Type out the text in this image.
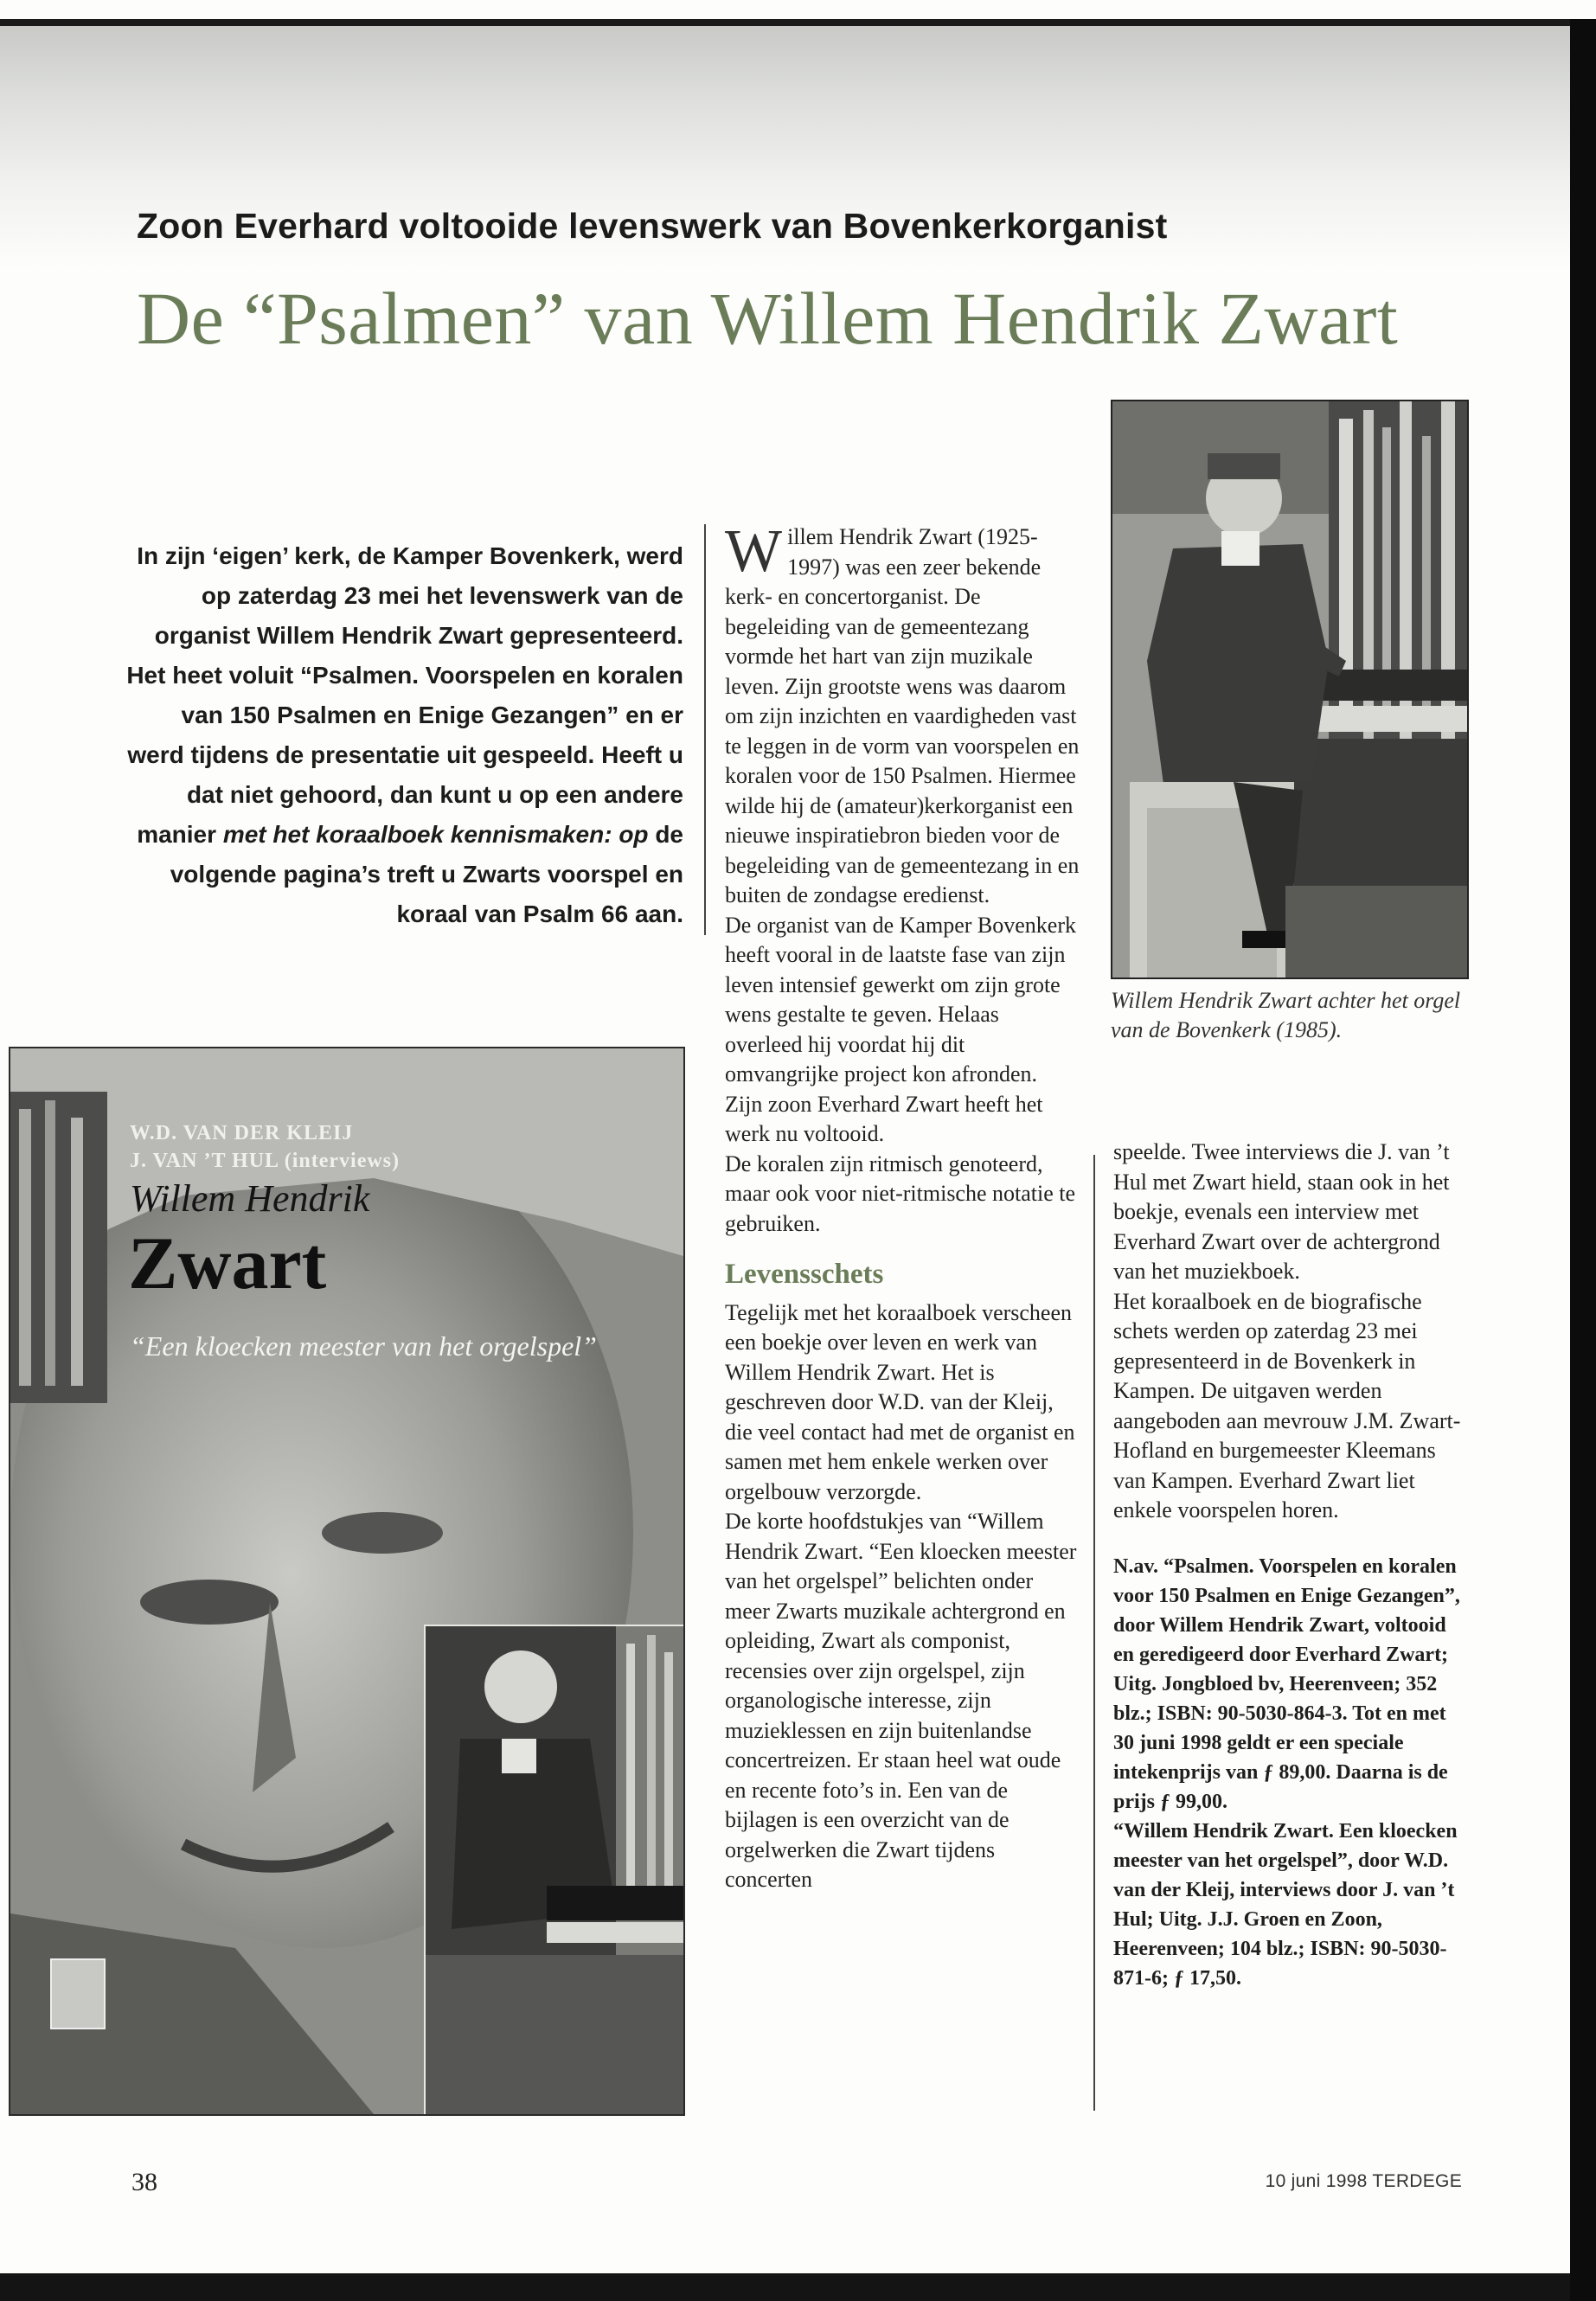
Zoon Everhard voltooide levenswerk van Bovenkerkorganist
De “Psalmen” van Willem Hendrik Zwart
In zijn ‘eigen’ kerk, de Kamper Bovenkerk, werd op zaterdag 23 mei het levenswerk van de organist Willem Hendrik Zwart gepresenteerd. Het heet voluit “Psalmen. Voorspelen en koralen van 150 Psalmen en Enige Gezangen” en er werd tijdens de presentatie uit gespeeld. Heeft u dat niet gehoord, dan kunt u op een andere manier met het koraalboek kennismaken: op de volgende pagina’s treft u Zwarts voorspel en koraal van Psalm 66 aan.

Willem Hendrik Zwart (1925-1997) was een zeer bekende kerk- en concertorganist. De begeleiding van de gemeentezang vormde het hart van zijn muzikale leven. Zijn grootste wens was daarom om zijn inzichten en vaardigheden vast te leggen in de vorm van voorspelen en koralen voor de 150 Psalmen. Hiermee wilde hij de (amateur)kerkorganist een nieuwe inspiratiebron bieden voor de begeleiding van de gemeentezang in en buiten de zondagse eredienst.

De organist van de Kamper Bovenkerk heeft vooral in de laatste fase van zijn leven intensief gewerkt om zijn grote wens gestalte te geven. Helaas overleed hij voordat hij dit omvangrijke project kon afronden. Zijn zoon Everhard Zwart heeft het werk nu voltooid.

De koralen zijn ritmisch genoteerd, maar ook voor niet-ritmische notatie te gebruiken.

Levensschets

Tegelijk met het koraalboek verscheen een boekje over leven en werk van Willem Hendrik Zwart. Het is geschreven door W.D. van der Kleij, die veel contact had met de organist en samen met hem enkele werken over orgelbouw verzorgde.

De korte hoofdstukjes van “Willem Hendrik Zwart. “Een kloecken meester van het orgelspel” belichten onder meer Zwarts muzikale achtergrond en opleiding, Zwart als componist, recensies over zijn orgelspel, zijn organologische interesse, zijn muzieklessen en zijn buitenlandse concertreizen. Er staan heel wat oude en recente foto’s in. Een van de bijlagen is een overzicht van de orgelwerken die Zwart tijdens concerten

Willem Hendrik Zwart achter het orgel van de Bovenkerk (1985).

speelde. Twee interviews die J. van ’t Hul met Zwart hield, staan ook in het boekje, evenals een interview met Everhard Zwart over de achtergrond van het muziekboek.

Het koraalboek en de biografische schets werden op zaterdag 23 mei gepresenteerd in de Bovenkerk in Kampen. De uitgaven werden aangeboden aan mevrouw J.M. Zwart-Hofland en burgemeester Kleemans van Kampen. Everhard Zwart liet enkele voorspelen horen.

N.av. “Psalmen. Voorspelen en koralen voor 150 Psalmen en Enige Gezangen”, door Willem Hendrik Zwart, voltooid en geredigeerd door Everhard Zwart; Uitg. Jongbloed bv, Heerenveen; 352 blz.; ISBN: 90-5030-864-3. Tot en met 30 juni 1998 geldt er een speciale intekenprijs van ƒ 89,00. Daarna is de prijs ƒ 99,00.
“Willem Hendrik Zwart. Een kloecken meester van het orgelspel”, door W.D. van der Kleij, interviews door J. van ’t Hul; Uitg. J.J. Groen en Zoon, Heerenveen; 104 blz.; ISBN: 90-5030-871-6; ƒ 17,50.
W.D. VAN DER KLEIJ
J. VAN ’T HUL (interviews)
Willem Hendrik
Zwart
“Een kloecken meester van het orgelspel”
38	10 juni 1998 TERDEGE
